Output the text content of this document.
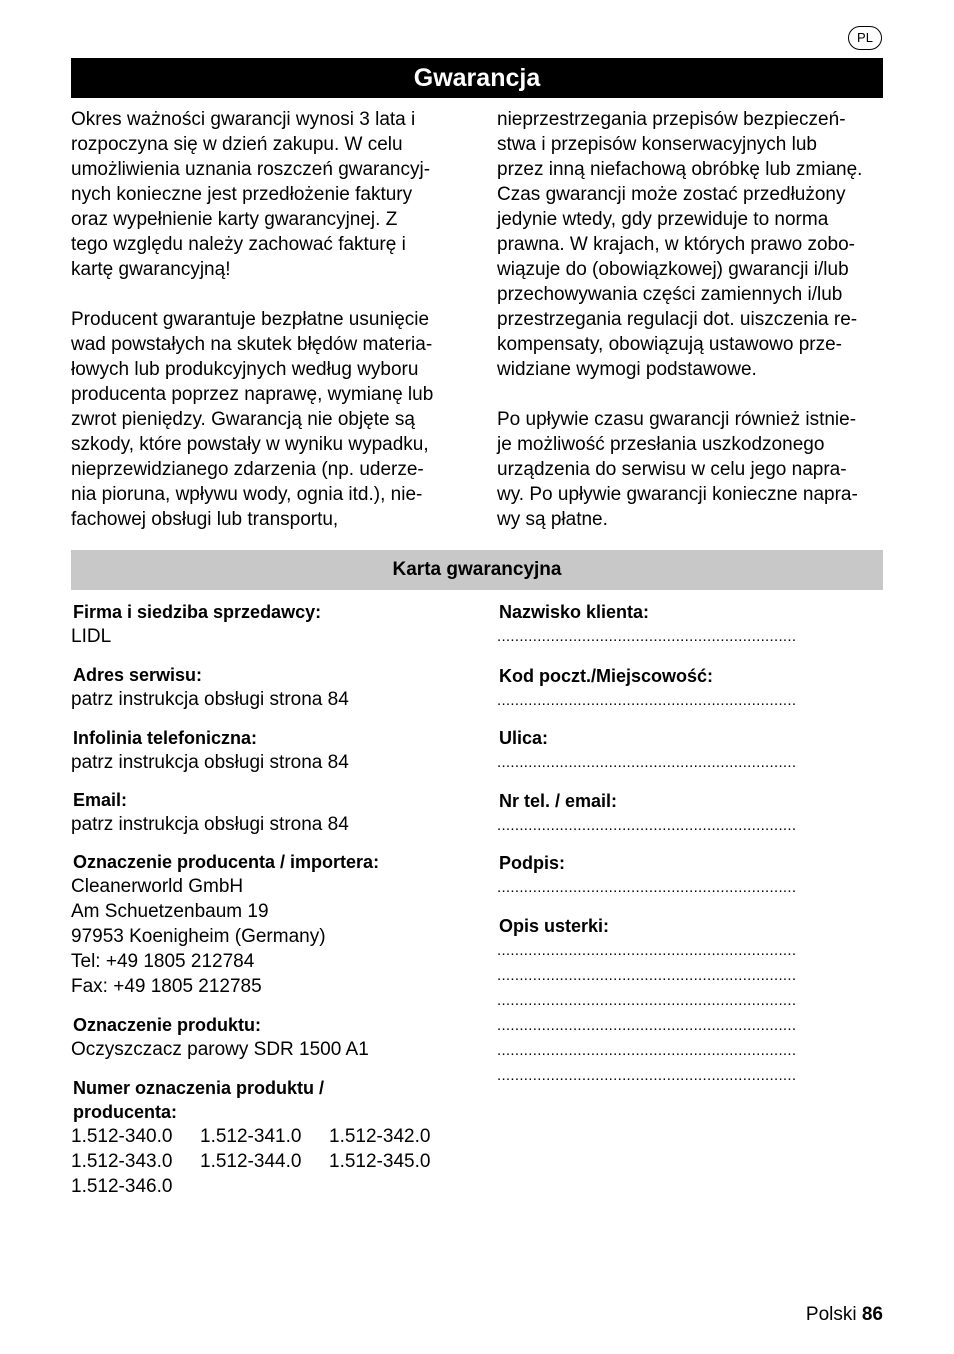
PL
Gwarancja
Okres ważności gwarancji wynosi 3 lata i
rozpoczyna się w dzień zakupu. W celu
umożliwienia uznania roszczeń gwarancyj-
nych konieczne jest przedłożenie faktury
oraz wypełnienie karty gwarancyjnej. Z
tego względu należy zachować fakturę i
kartę gwarancyjną!
Producent gwarantuje bezpłatne usunięcie
wad powstałych na skutek błędów materia-
łowych lub produkcyjnych według wyboru
producenta poprzez naprawę, wymianę lub
zwrot pieniędzy. Gwarancją nie objęte są
szkody, które powstały w wyniku wypadku,
nieprzewidzianego zdarzenia (np. uderze-
nia pioruna, wpływu wody, ognia itd.), nie-
fachowej obsługi lub transportu,
nieprzestrzegania przepisów bezpieczeń-
stwa i przepisów konserwacyjnych lub
przez inną niefachową obróbkę lub zmianę.
Czas gwarancji może zostać przedłużony
jedynie wtedy, gdy przewiduje to norma
prawna. W krajach, w których prawo zobo-
wiązuje do (obowiązkowej) gwarancji i/lub
przechowywania części zamiennych i/lub
przestrzegania regulacji dot. uiszczenia re-
kompensaty, obowiązują ustawowo prze-
widziane wymogi podstawowe.
Po upływie czasu gwarancji również istnie-
je możliwość przesłania uszkodzonego
urządzenia do serwisu w celu jego napra-
wy. Po upływie gwarancji konieczne napra-
wy są płatne.
Karta gwarancyjna
Firma i siedziba sprzedawcy:
LIDL
Adres serwisu:
patrz instrukcja obsługi strona 84
Infolinia telefoniczna:
patrz instrukcja obsługi strona 84
Email:
patrz instrukcja obsługi strona 84
Oznaczenie producenta / importera:
Cleanerworld GmbH
Am Schuetzenbaum 19
97953 Koenigheim (Germany)
Tel: +49 1805 212784
Fax: +49 1805 212785
Oznaczenie produktu:
Oczyszczacz parowy SDR 1500 A1
Numer oznaczenia produktu /
producenta:
1.512-340.0 1.512-341.0 1.512-342.0
1.512-343.0 1.512-344.0 1.512-345.0
1.512-346.0
Nazwisko klienta:
...................................................................
Kod poczt./Miejscowość:
...................................................................
Ulica:
...................................................................
Nr tel. / email:
...................................................................
Podpis:
...................................................................
Opis usterki:
...................................................................
...................................................................
...................................................................
...................................................................
...................................................................
...................................................................
Polski 86
